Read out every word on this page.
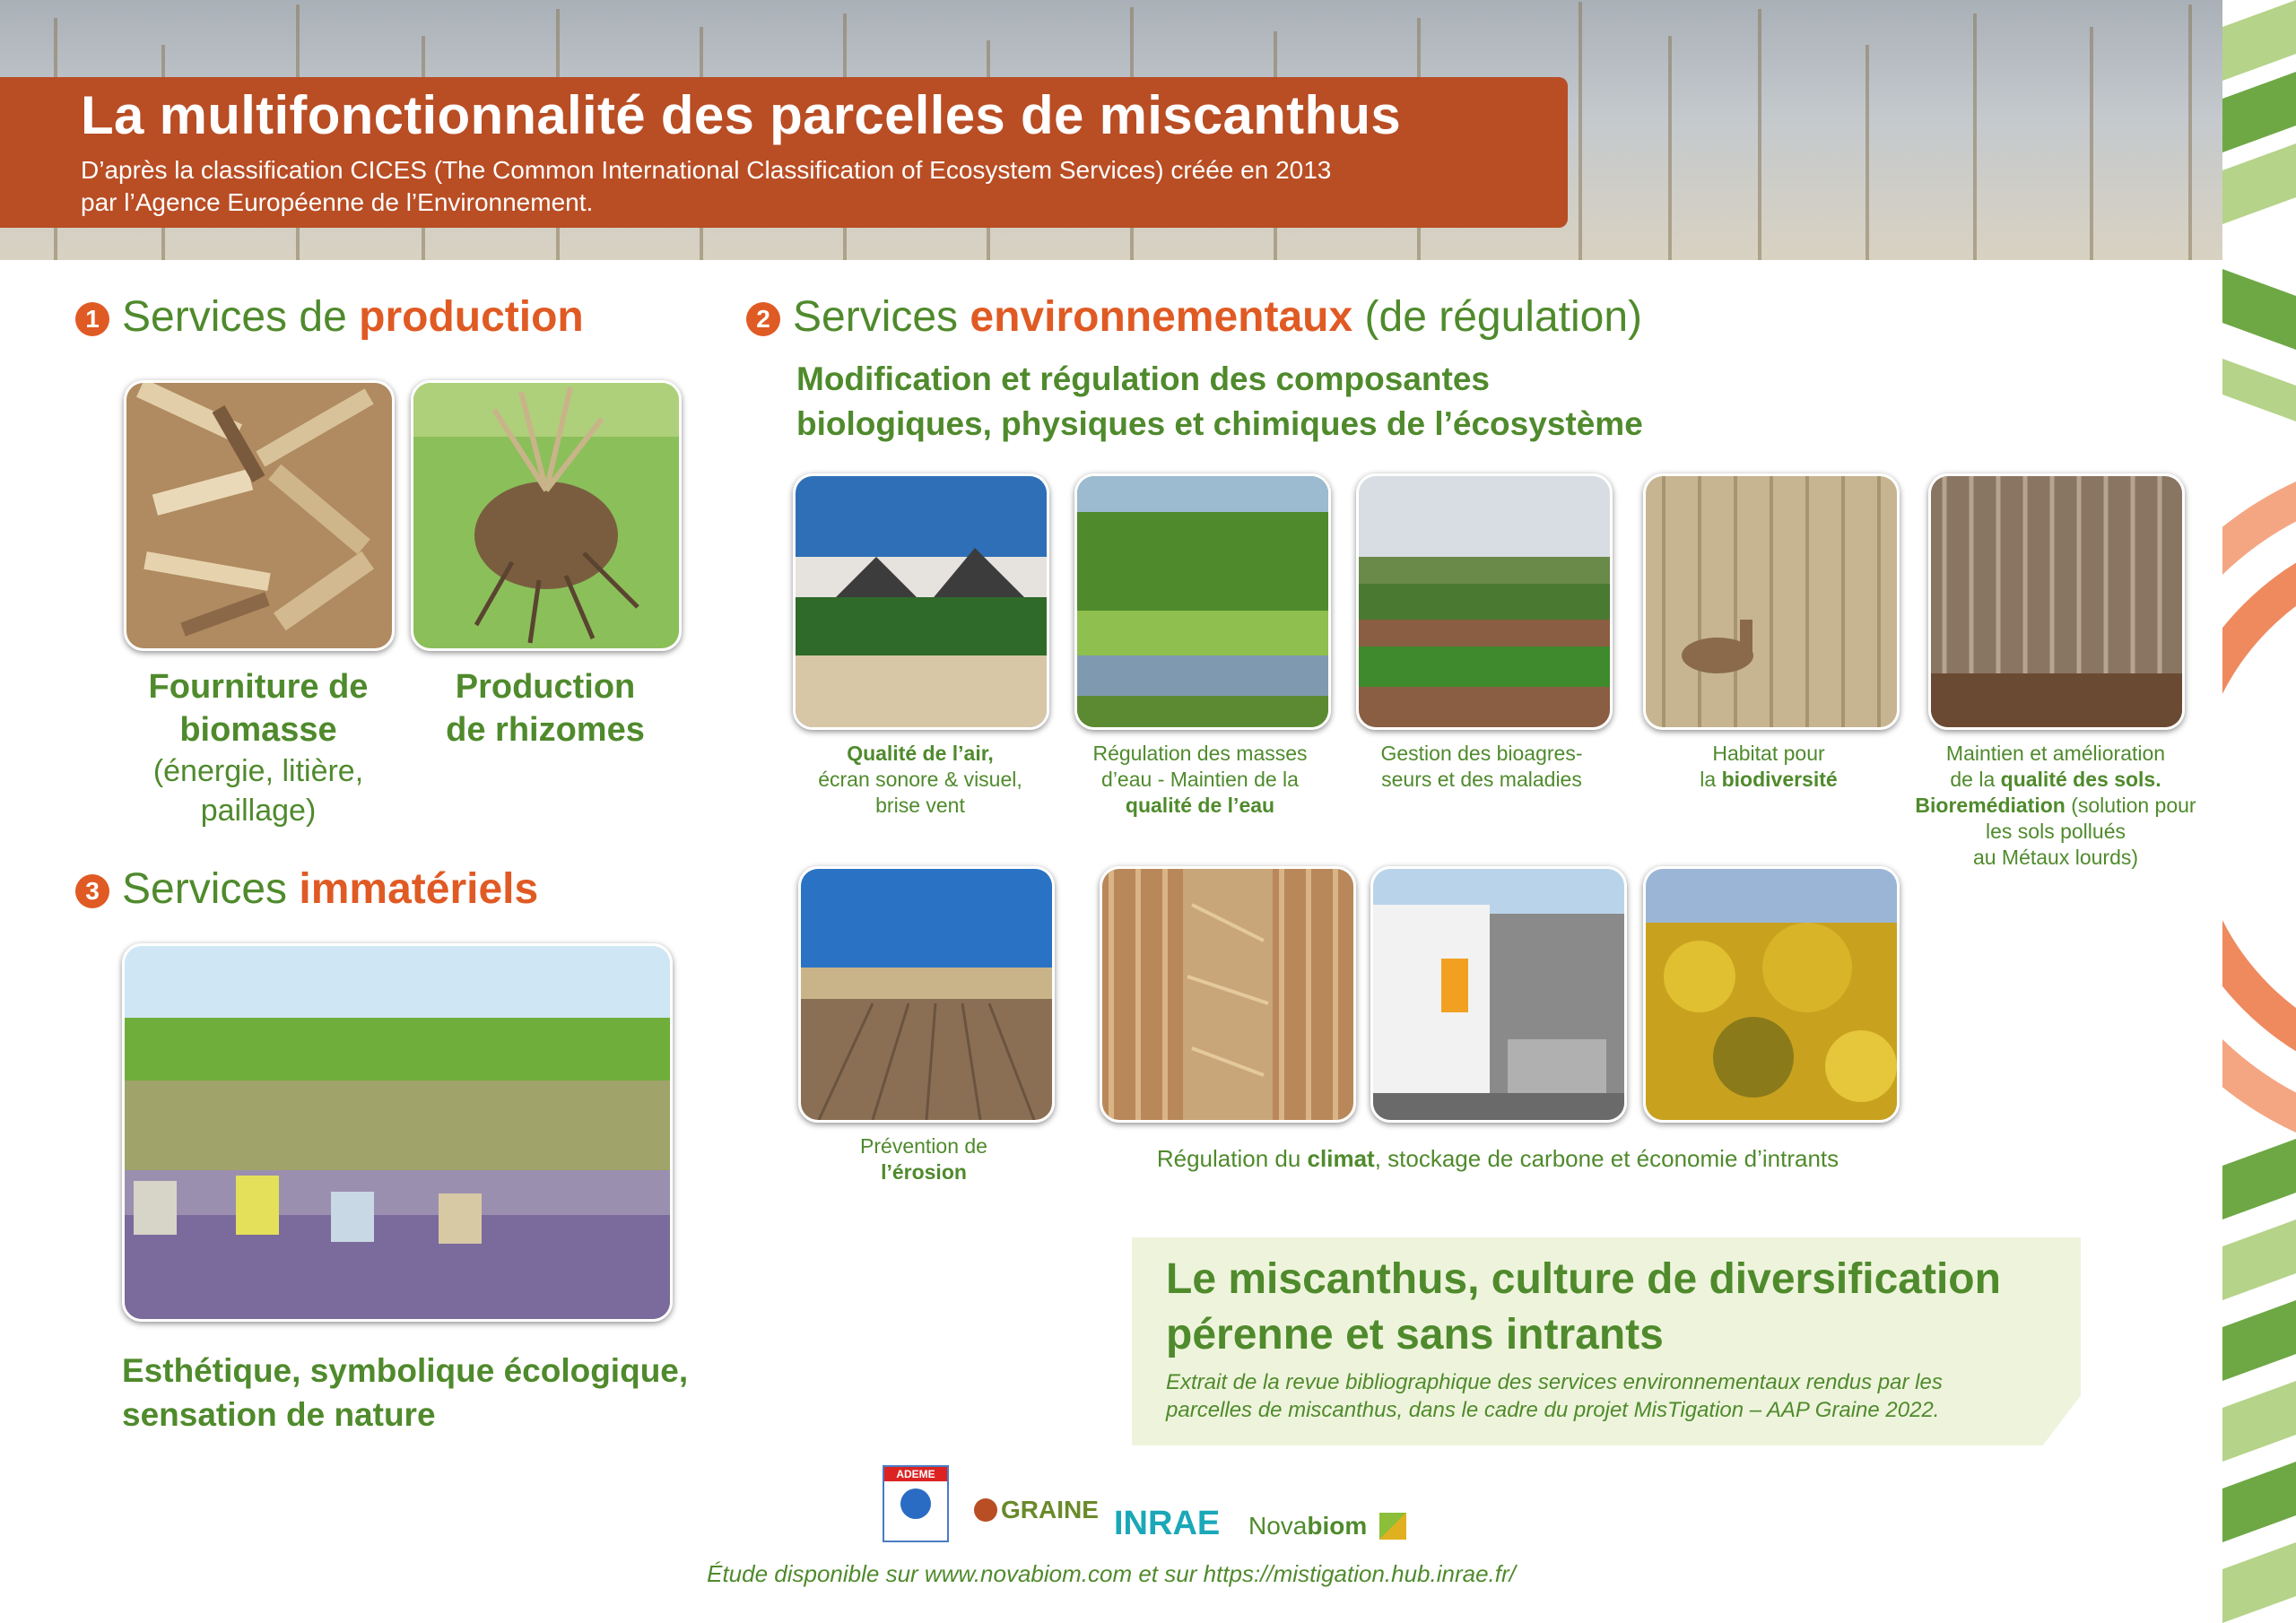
La multifonctionnalité des parcelles de miscanthus
D’après la classification CICES (The Common International Classification of Ecosystem Services) créée en 2013
par l’Agence Européenne de l’Environnement.
1 Services de production
Fourniture de
biomasse
(énergie, litière,
paillage)
Production
de rhizomes
3 Services immatériels
Esthétique, symbolique écologique,
sensation de nature
2 Services environnementaux (de régulation)
Modification et régulation des composantes
biologiques, physiques et chimiques de l’écosystème
Qualité de l’air,
écran sonore & visuel,
brise vent
Régulation des masses
d’eau - Maintien de la
qualité de l’eau
Gestion des bioagres-
seurs et des maladies
Habitat pour
la biodiversité
Maintien et amélioration
de la qualité des sols.
Bioremédiation (solution pour
les sols pollués
au Métaux lourds)
Prévention de
l’érosion	Régulation du climat, stockage de carbone et économie d’intrants
Le miscanthus, culture de diversification
pérenne et sans intrants
Extrait de la revue bibliographique des services environnementaux rendus par les
parcelles de miscanthus, dans le cadre du projet MisTigation – AAP Graine 2022.
ADEME
GRAINE INRAE Novabiom
Étude disponible sur www.novabiom.com et sur https://mistigation.hub.inrae.fr/
